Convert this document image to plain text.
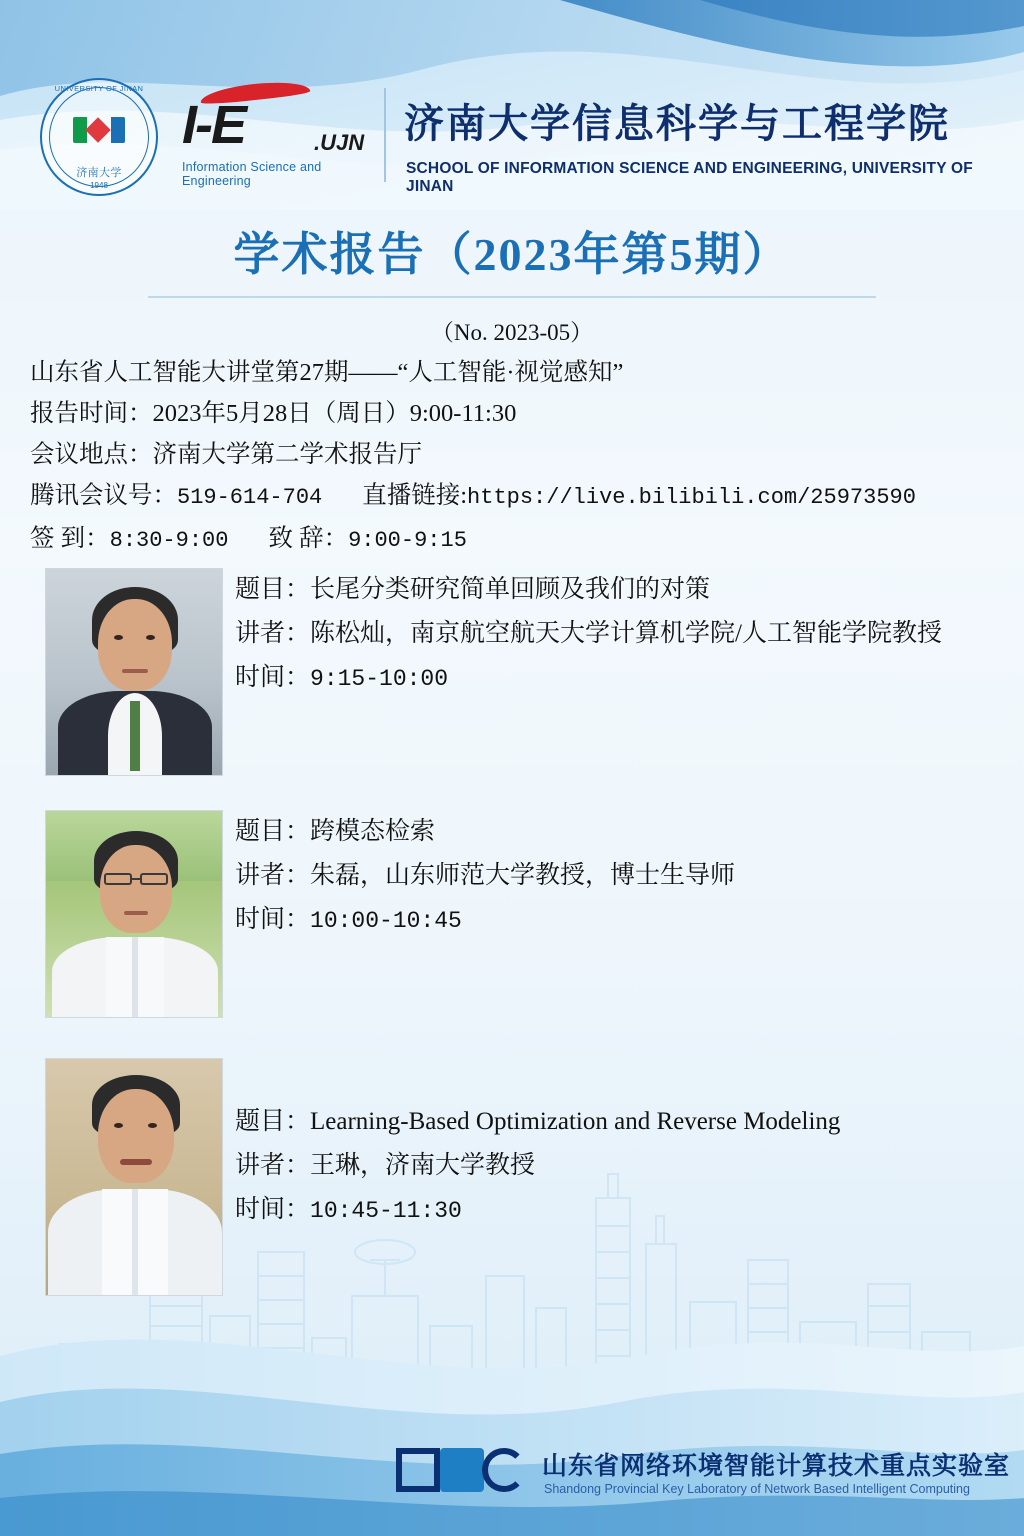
UNIVERSITY OF JINAN
济南大学
1948
I-E	.UJN
Information Science and Engineering
济南大学信息科学与工程学院
SCHOOL OF INFORMATION SCIENCE AND ENGINEERING, UNIVERSITY OF JINAN
学术报告（2023年第5期）
（No. 2023-05）
山东省人工智能大讲堂第27期——“人工智能·视觉感知”
报告时间：2023年5月28日（周日）9:00-11:30
会议地点：济南大学第二学术报告厅
腾讯会议号：519-614-704 直播链接:https://live.bilibili.com/25973590
签 到：8:30-9:00 致 辞：9:00-9:15
题目：长尾分类研究简单回顾及我们的对策
讲者：陈松灿，南京航空航天大学计算机学院/人工智能学院教授
时间：9:15-10:00
题目：跨模态检索
讲者：朱磊，山东师范大学教授，博士生导师
时间：10:00-10:45
题目：Learning-Based Optimization and Reverse Modeling
讲者：王琳，济南大学教授
时间：10:45-11:30
山东省网络环境智能计算技术重点实验室
Shandong Provincial Key Laboratory of Network Based Intelligent Computing
